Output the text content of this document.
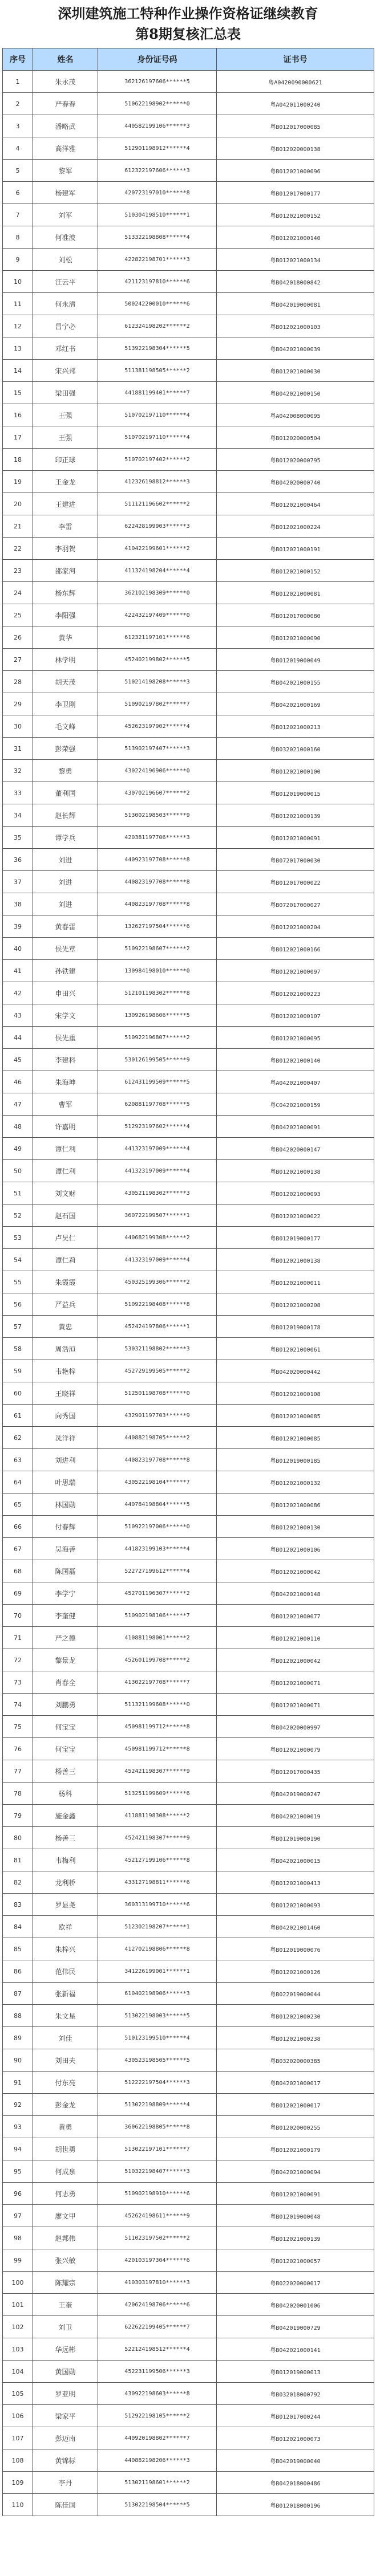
深圳建筑施工特种作业操作资格证继续教育
第8期复核汇总表
序号	姓名	身份证号码	证书号
1	朱永茂	362126197606******5	粤A0420090000621
2	严春春	510622198902******0	粤A042011000240
3	潘略武	440582199106******3	粤B012017000085
4	高洋雅	512901198912******4	粤B012020000138
5	黎军	612322197606******3	粤B012021000096
6	杨建军	420723197010******8	粤B012017000177
7	刘军	510304198510******1	粤B012021000152
8	何准波	513322198808******4	粤B012021000140
9	刘松	422822198701******3	粤B012021000134
10	汪云平	421123197810******6	粤B042018000842
11	何永清	500242200010******6	粤B042019000081
12	昌宁必	612324198202******2	粤B012021000103
13	邓红书	513922198304******5	粤B042021000039
14	宋兴邦	511381198505******2	粤B012021000030
15	梁田强	441881199401******7	粤B042021000150
16	王强	510702197110******4	粤A042008000095
17	王强	510702197110******4	粤B012020000504
18	印正球	510702197402******2	粤B012020000795
19	王金龙	412326198812******3	粤B042020000740
20	王建进	511121196602******2	粤B012021000464
21	李雷	622428199903******3	粤B012021000224
22	李羽贺	410422199601******2	粤B012021000191
23	邵家河	411324198204******4	粤B012021000152
24	杨东辉	362102198309******0	粤B012021000081
25	李阳强	422432197409******0	粤B012017000080
26	黄华	612321197101******6	粤B012021000090
27	林学明	452402199802******5	粤B012019000049
28	胡天茂	510214198208******3	粤B042021000155
29	李卫刚	510902197802******7	粤B042021000169
30	毛文峰	452623197902******4	粤B012021000213
31	彭荣强	513902197407******3	粤B032021000160
32	黎勇	430224196906******0	粤B012021000100
33	董利国	430702196607******2	粤B012019000015
34	赵长辉	513002198503******9	粤B012021000139
35	谭学兵	420381197706******3	粤B012021000091
36	刘进	440923197708******8	粤B072017000030
37	刘进	440823197708******8	粤B012017000022
38	刘进	440823197708******8	粤B072017000027
39	黄春雷	132627197504******6	粤B012021000204
40	侯先章	510922198607******2	粤B012021000166
41	孙铁建	130984198010******0	粤B012021000097
42	申田兴	512101198302******8	粤B012021000223
43	宋学文	130926198606******5	粤B012021000107
44	侯先重	510922196807******2	粤B012021000095
45	李建科	530126199505******9	粤B012021000140
46	朱海坤	612431199509******5	粤A042021000407
47	曹军	620881197708******5	粤C042021000159
48	许嘉明	512923197602******4	粤B042021000091
49	谭仁利	441323197009******4	粤B042020000147
50	谭仁利	441323197009******4	粤B012021000138
51	刘文财	430521198302******3	粤B012021000093
52	赵石国	360722199507******1	粤B012021000022
53	卢昊仁	440682199308******2	粤B012019000177
54	谭仁莉	441323197009******4	粤B012021000138
55	朱霞霞	450325199306******2	粤B012021000011
56	严益兵	510922198408******8	粤B012021000208
57	黄忠	452424197806******1	粤B012019000178
58	周浩洹	530321198802******3	粤B012021000061
59	韦艳梓	452729199505******2	粤B042020000442
60	王晓祥	512501198708******0	粤B012021000108
61	向秀国	432901197703******9	粤B012021000085
62	冼洋祥	440882198705******2	粤B012021000085
63	刘进利	440823197708******8	粤B012019000185
64	叶思瑞	430522198104******7	粤B012021000132
65	林国勋	440784198804******5	粤B012021000086
66	付春辉	510922197006******0	粤B012021000130
67	吴海善	441823199103******4	粤B012021000106
68	陈国磊	522727199612******4	粤B012021000042
69	李学宁	452701196307******2	粤B042021000148
70	李奎健	510902198106******7	粤B012021000077
71	严之德	410881198001******2	粤B012021000110
72	黎景龙	452601199708******2	粤B012021000042
73	肖春全	413022197708******7	粤B012021000071
74	刘鹏勇	511321199608******0	粤B012021000071
75	何宝宝	450981199712******8	粤B042020000997
76	何宝宝	450981199712******8	粤B012021000079
77	杨善三	452421198307******9	粤B012017000435
78	杨科	513251199609******6	粤B042019000247
79	施金鑫	411881198308******2	粤B042021000019
80	杨善三	452421198307******9	粤B012019000190
81	韦梅利	452127199106******8	粤B042021000015
82	龙利桥	433127198811******6	粤B012021000413
83	罗显尧	360313199710******6	粤B012021000093
84	欧祥	512302198207******1	粤B042021001460
85	朱梓兴	412702198806******8	粤B012019000076
86	范伟民	341226199001******1	粤B012021000126
87	张新福	610402198906******3	粤B022019000044
88	朱文星	513022198003******5	粤B012021000230
89	刘佳	510123199510******4	粤B012021000238
90	刘田夫	430523198505******5	粤B032020000385
91	付东亮	512222197504******3	粤B042021000017
92	彭金龙	513022198809******4	粤B012021000017
93	黄勇	360622198805******8	粤B012020000255
94	胡世勇	513022197101******7	粤B012021000179
95	何成泉	510322198407******3	粤B042021000094
96	何志勇	510902198910******6	粤B012021000091
97	廖文甲	452624198611******9	粤B012019000048
98	赵邦伟	511023197502******2	粤B012021000139
99	张兴敏	420103197304******6	粤B012021000057
100	陈耀宗	410303197810******3	粤B022020000017
101	王奎	420624198706******6	粤B042020001006
102	刘卫	622622199405******7	粤B042019000729
103	华远彬	522124198512******4	粤B042021000141
104	黄国勋	452231199506******3	粤B012019000013
105	罗亚明	430922198603******8	粤B032018000792
106	梁家平	512922198105******2	粤B012017000244
107	彭迈南	440920198802******7	粤B012021000073
108	黄锦标	440882198206******3	粤B042019000040
109	李丹	513021198601******2	粤B042018000486
110	陈佳国	513022198504******5	粤B012018000196
